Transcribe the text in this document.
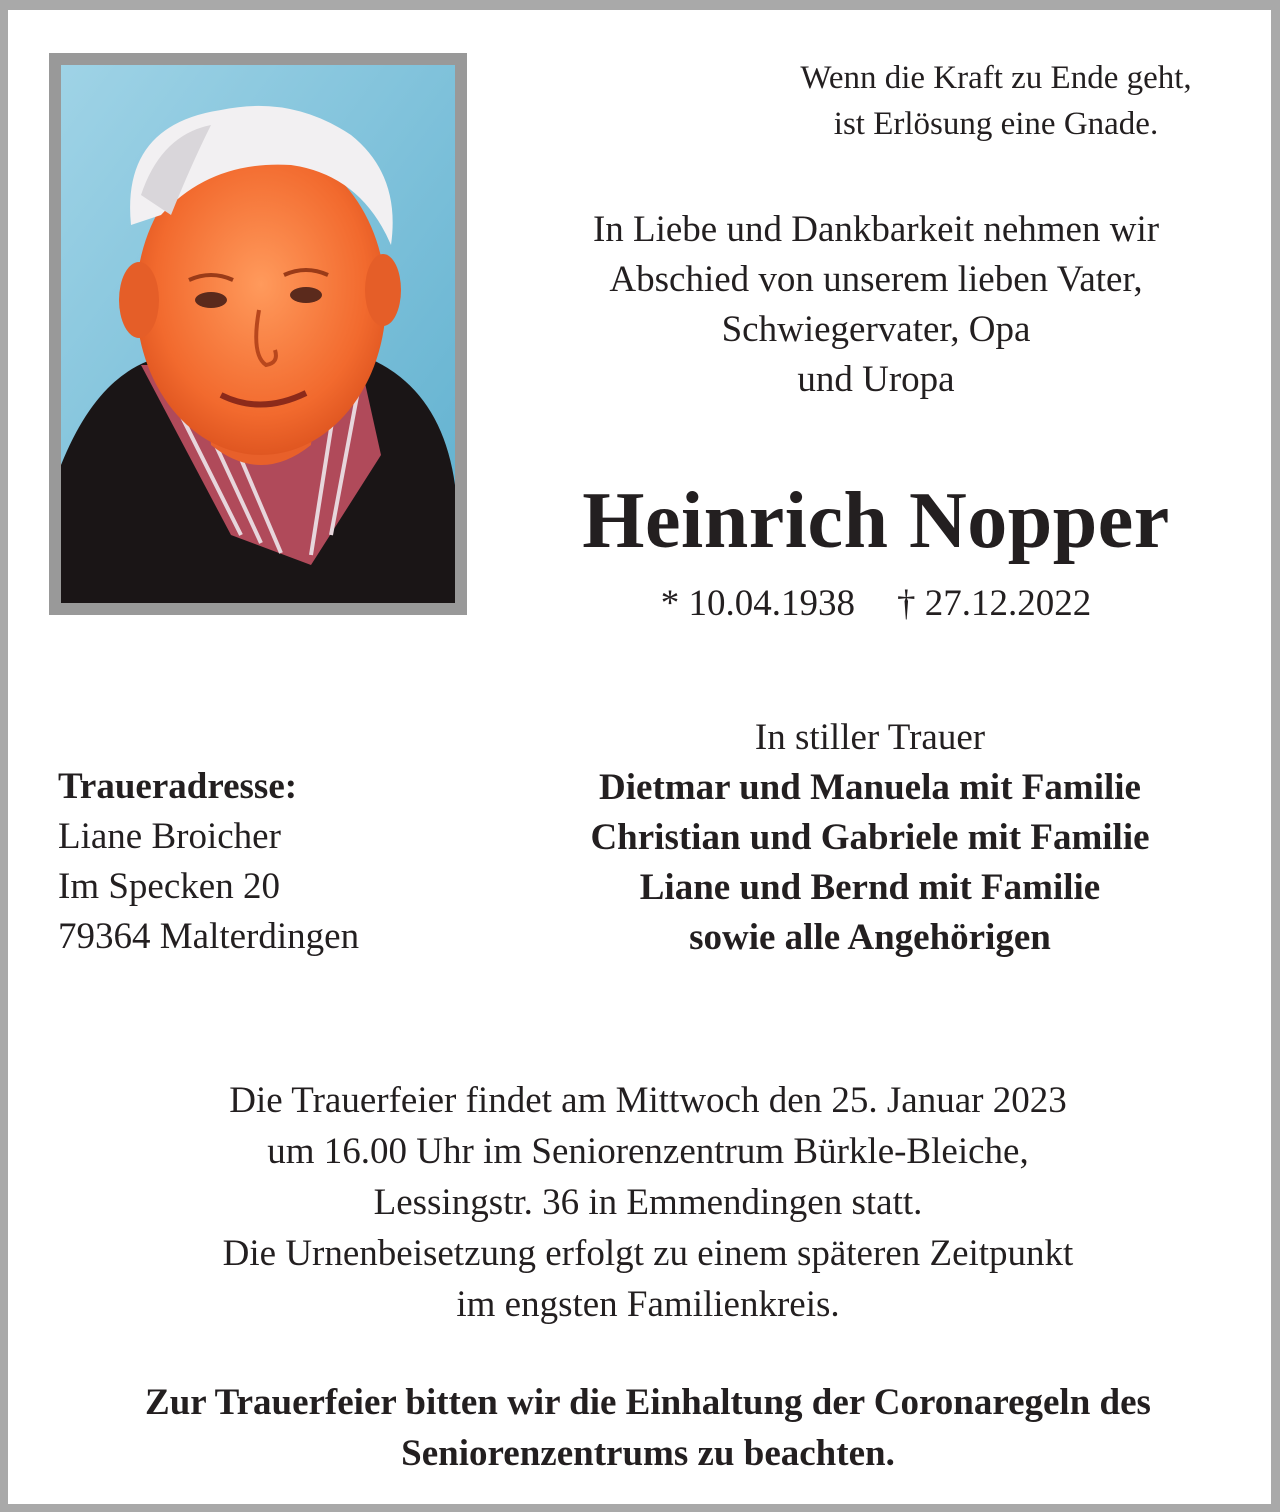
Wenn die Kraft zu Ende geht,
ist Erlösung eine Gnade.
In Liebe und Dankbarkeit nehmen wir
Abschied von unserem lieben Vater,
Schwiegervater, Opa
und Uropa
Heinrich Nopper
* 10.04.1938 † 27.12.2022
Traueradresse:
Liane Broicher
Im Specken 20
79364 Malterdingen
In stiller Trauer
Dietmar und Manuela mit Familie
Christian und Gabriele mit Familie
Liane und Bernd mit Familie
sowie alle Angehörigen
Die Trauerfeier findet am Mittwoch den 25. Januar 2023
um 16.00 Uhr im Seniorenzentrum Bürkle-Bleiche,
Lessingstr. 36 in Emmendingen statt.
Die Urnenbeisetzung erfolgt zu einem späteren Zeitpunkt
im engsten Familienkreis.
Zur Trauerfeier bitten wir die Einhaltung der Coronaregeln des
Seniorenzentrums zu beachten.
